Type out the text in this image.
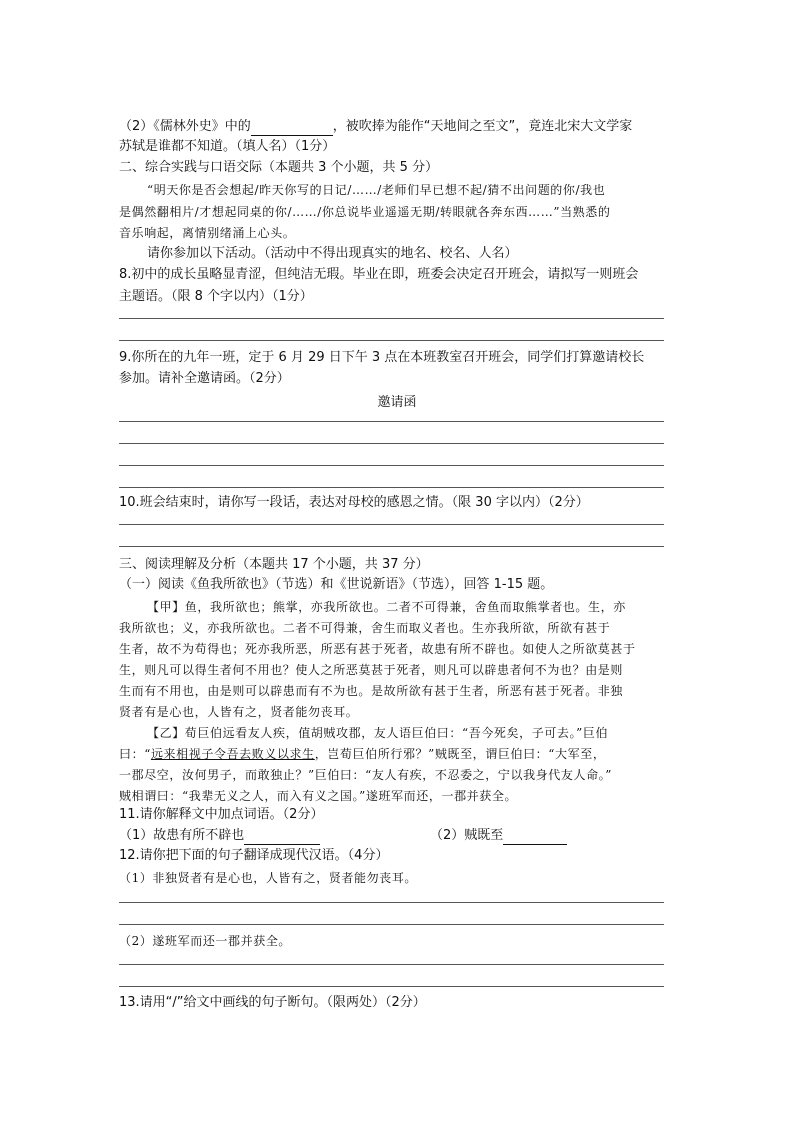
（2）《儒林外史》中的	，被吹捧为能作“天地间之至文”，竟连北宋大文学家
苏轼是谁都不知道。（填人名）（1分）
二、综合实践与口语交际（本题共 3 个小题，共 5 分）
“明天你是否会想起/昨天你写的日记/……/老师们早已想不起/猜不出问题的你/我也
是偶然翻相片/才想起同桌的你/……/你总说毕业遥遥无期/转眼就各奔东西……”当熟悉的
音乐响起，离情别绪涌上心头。
请你参加以下活动。（活动中不得出现真实的地名、校名、人名）
8.初中的成长虽略显青涩，但纯洁无瑕。毕业在即，班委会决定召开班会，请拟写一则班会
主题语。（限 8 个字以内）（1分）
9.你所在的九年一班，定于 6 月 29 日下午 3 点在本班教室召开班会，同学们打算邀请校长
参加。请补全邀请函。（2分）
邀请函
10.班会结束时，请你写一段话，表达对母校的感恩之情。（限 30 字以内）（2分）
三、阅读理解及分析（本题共 17 个小题，共 37 分）
（一）阅读《鱼我所欲也》（节选）和《世说新语》（节选），回答 1-15 题。
【甲】鱼，我所欲也；熊掌，亦我所欲也。二者不可得兼，舍鱼而取熊掌者也。生，亦
我所欲也；义，亦我所欲也。二者不可得兼，舍生而取义者也。生亦我所欲，所欲有甚于
生者，故不为苟得也；死亦我所恶，所恶有甚于死者，故患有所不辟也。如使人之所欲莫甚于
生，则凡可以得生者何不用也？使人之所恶莫甚于死者，则凡可以辟患者何不为也？由是则
生而有不用也，由是则可以辟患而有不为也。是故所欲有甚于生者，所恶有甚于死者。非独
贤者有是心也，人皆有之，贤者能勿丧耳。
【乙】荀巨伯远看友人疾，值胡贼攻郡，友人语巨伯曰：“吾今死矣，子可去。”巨伯
曰：“远来相视子令吾去败义以求生，岂荀巨伯所行邪？”贼既至，谓巨伯曰：“大军至，
一郡尽空，汝何男子，而敢独止？”巨伯曰：“友人有疾，不忍委之，宁以我身代友人命。”
贼相谓曰：“我辈无义之人，而入有义之国。”遂班军而还，一郡并获全。
11.请你解释文中加点词语。（2分）
（1）故患有所不辟也	（2）贼既至
12.请你把下面的句子翻译成现代汉语。（4分）
（1）非独贤者有是心也，人皆有之，贤者能勿丧耳。
（2）遂班军而还一郡并获全。
13.请用“/”给文中画线的句子断句。（限两处）（2分）
